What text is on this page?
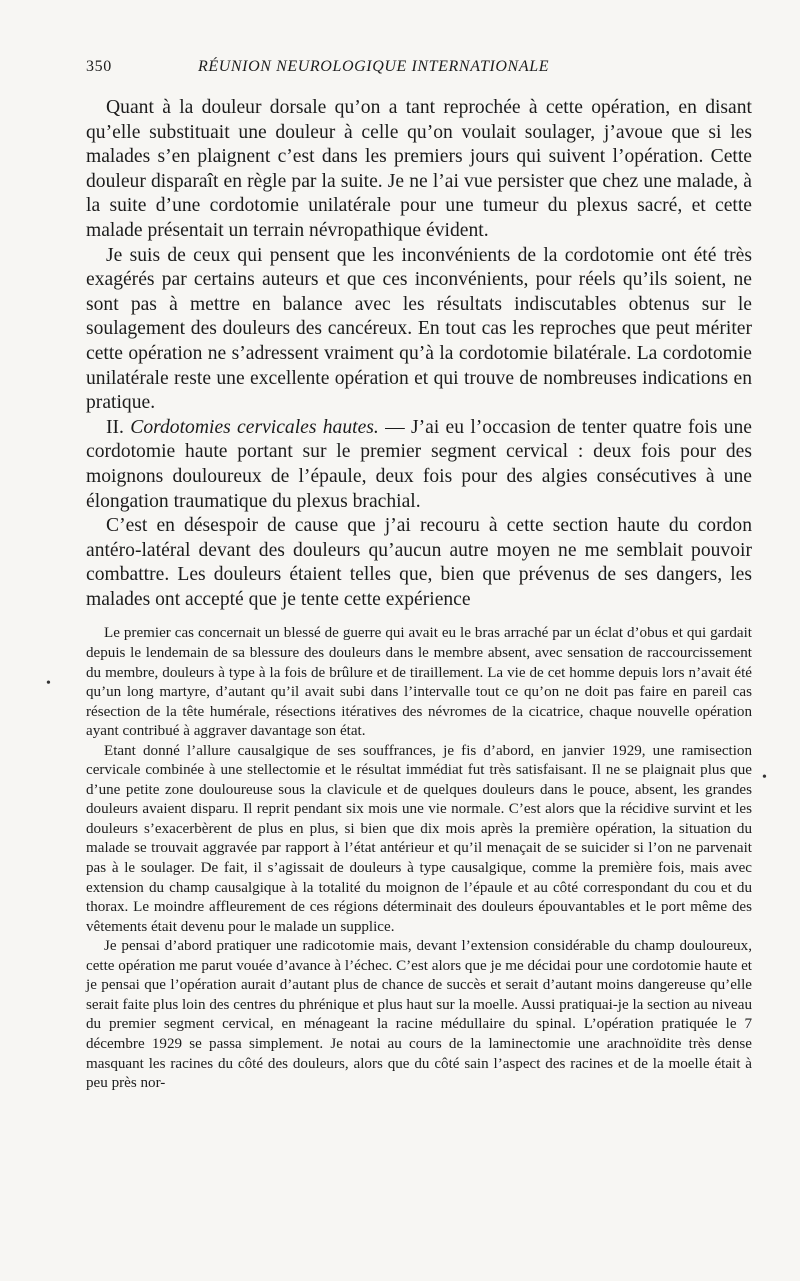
•
•
350	RÉUNION NEUROLOGIQUE INTERNATIONALE

Quant à la douleur dorsale qu’on a tant reprochée à cette opération, en disant qu’elle substituait une douleur à celle qu’on voulait soulager, j’avoue que si les malades s’en plaignent c’est dans les premiers jours qui suivent l’opération. Cette douleur disparaît en règle par la suite. Je ne l’ai vue persister que chez une malade, à la suite d’une cordotomie unilatérale pour une tumeur du plexus sacré, et cette malade présentait un terrain névropathique évident.

Je suis de ceux qui pensent que les inconvénients de la cordotomie ont été très exagérés par certains auteurs et que ces inconvénients, pour réels qu’ils soient, ne sont pas à mettre en balance avec les résultats indiscutables obtenus sur le soulagement des douleurs des cancéreux. En tout cas les reproches que peut mériter cette opération ne s’adressent vraiment qu’à la cordotomie bilatérale. La cordotomie unilatérale reste une excellente opération et qui trouve de nombreuses indications en pratique.

II. Cordotomies cervicales hautes. — J’ai eu l’occasion de tenter quatre fois une cordotomie haute portant sur le premier segment cervical : deux fois pour des moignons douloureux de l’épaule, deux fois pour des algies consécutives à une élongation traumatique du plexus brachial.

C’est en désespoir de cause que j’ai recouru à cette section haute du cordon antéro-latéral devant des douleurs qu’aucun autre moyen ne me semblait pouvoir combattre. Les douleurs étaient telles que, bien que prévenus de ses dangers, les malades ont accepté que je tente cette expérience

Le premier cas concernait un blessé de guerre qui avait eu le bras arraché par un éclat d’obus et qui gardait depuis le lendemain de sa blessure des douleurs dans le membre absent, avec sensation de raccourcissement du membre, douleurs à type à la fois de brûlure et de tiraillement. La vie de cet homme depuis lors n’avait été qu’un long martyre, d’autant qu’il avait subi dans l’intervalle tout ce qu’on ne doit pas faire en pareil cas résection de la tête humérale, résections itératives des névromes de la cicatrice, chaque nouvelle opération ayant contribué à aggraver davantage son état.

Etant donné l’allure causalgique de ses souffrances, je fis d’abord, en janvier 1929, une ramisection cervicale combinée à une stellectomie et le résultat immédiat fut très satisfaisant. Il ne se plaignait plus que d’une petite zone douloureuse sous la clavicule et de quelques douleurs dans le pouce, absent, les grandes douleurs avaient disparu. Il reprit pendant six mois une vie normale. C’est alors que la récidive survint et les douleurs s’exacerbèrent de plus en plus, si bien que dix mois après la première opération, la situation du malade se trouvait aggravée par rapport à l’état antérieur et qu’il menaçait de se suicider si l’on ne parvenait pas à le soulager. De fait, il s’agissait de douleurs à type causalgique, comme la première fois, mais avec extension du champ causalgique à la totalité du moignon de l’épaule et au côté correspondant du cou et du thorax. Le moindre affleurement de ces régions déterminait des douleurs épouvantables et le port même des vêtements était devenu pour le malade un supplice.

Je pensai d’abord pratiquer une radicotomie mais, devant l’extension considérable du champ douloureux, cette opération me parut vouée d’avance à l’échec. C’est alors que je me décidai pour une cordotomie haute et je pensai que l’opération aurait d’autant plus de chance de succès et serait d’autant moins dangereuse qu’elle serait faite plus loin des centres du phrénique et plus haut sur la moelle. Aussi pratiquai-je la section au niveau du premier segment cervical, en ménageant la racine médullaire du spinal. L’opération pratiquée le 7 décembre 1929 se passa simplement. Je notai au cours de la laminectomie une arachnoïdite très dense masquant les racines du côté des douleurs, alors que du côté sain l’aspect des racines et de la moelle était à peu près nor-
